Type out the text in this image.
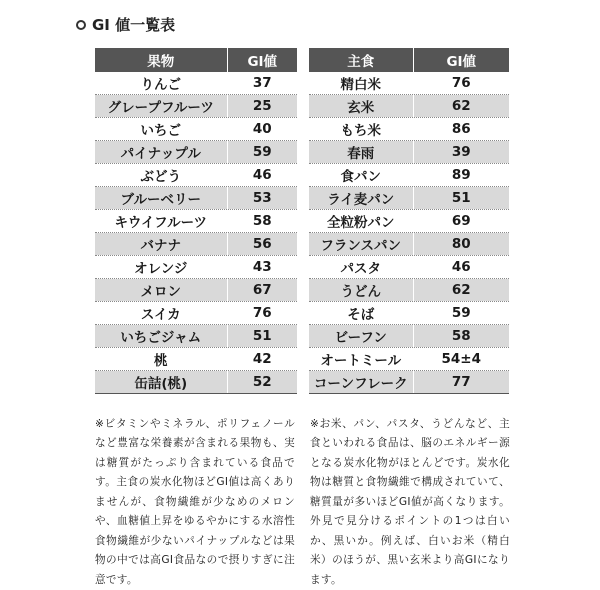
GI 値一覧表
果物	GI値
りんご	37
グレープフルーツ	25
いちご	40
パイナップル	59
ぶどう	46
ブルーベリー	53
キウイフルーツ	58
バナナ	56
オレンジ	43
メロン	67
スイカ	76
いちごジャム	51
桃	42
缶詰(桃)	52
主食	GI値
精白米	76
玄米	62
もち米	86
春雨	39
食パン	89
ライ麦パン	51
全粒粉パン	69
フランスパン	80
パスタ	46
うどん	62
そば	59
ビーフン	58
オートミール	54±4
コーンフレーク	77

※ビタミンやミネラル、ポリフェノールなど豊富な栄養素が含まれる果物も、実は糖質がたっぷり含まれている食品です。主食の炭水化物ほどGI値は高くありませんが、食物繊維が少なめのメロンや、血糖値上昇をゆるやかにする水溶性食物繊維が少ないパイナップルなどは果物の中では高GI食品なので摂りすぎに注意です。

※お米、パン、パスタ、うどんなど、主食といわれる食品は、脳のエネルギー源となる炭水化物がほとんどです。炭水化物は糖質と食物繊維で構成されていて、糖質量が多いほどGI値が高くなります。外見で見分けるポイントの1つは白いか、黒いか。例えば、白いお米（精白米）のほうが、黒い玄米より高GIになります。
